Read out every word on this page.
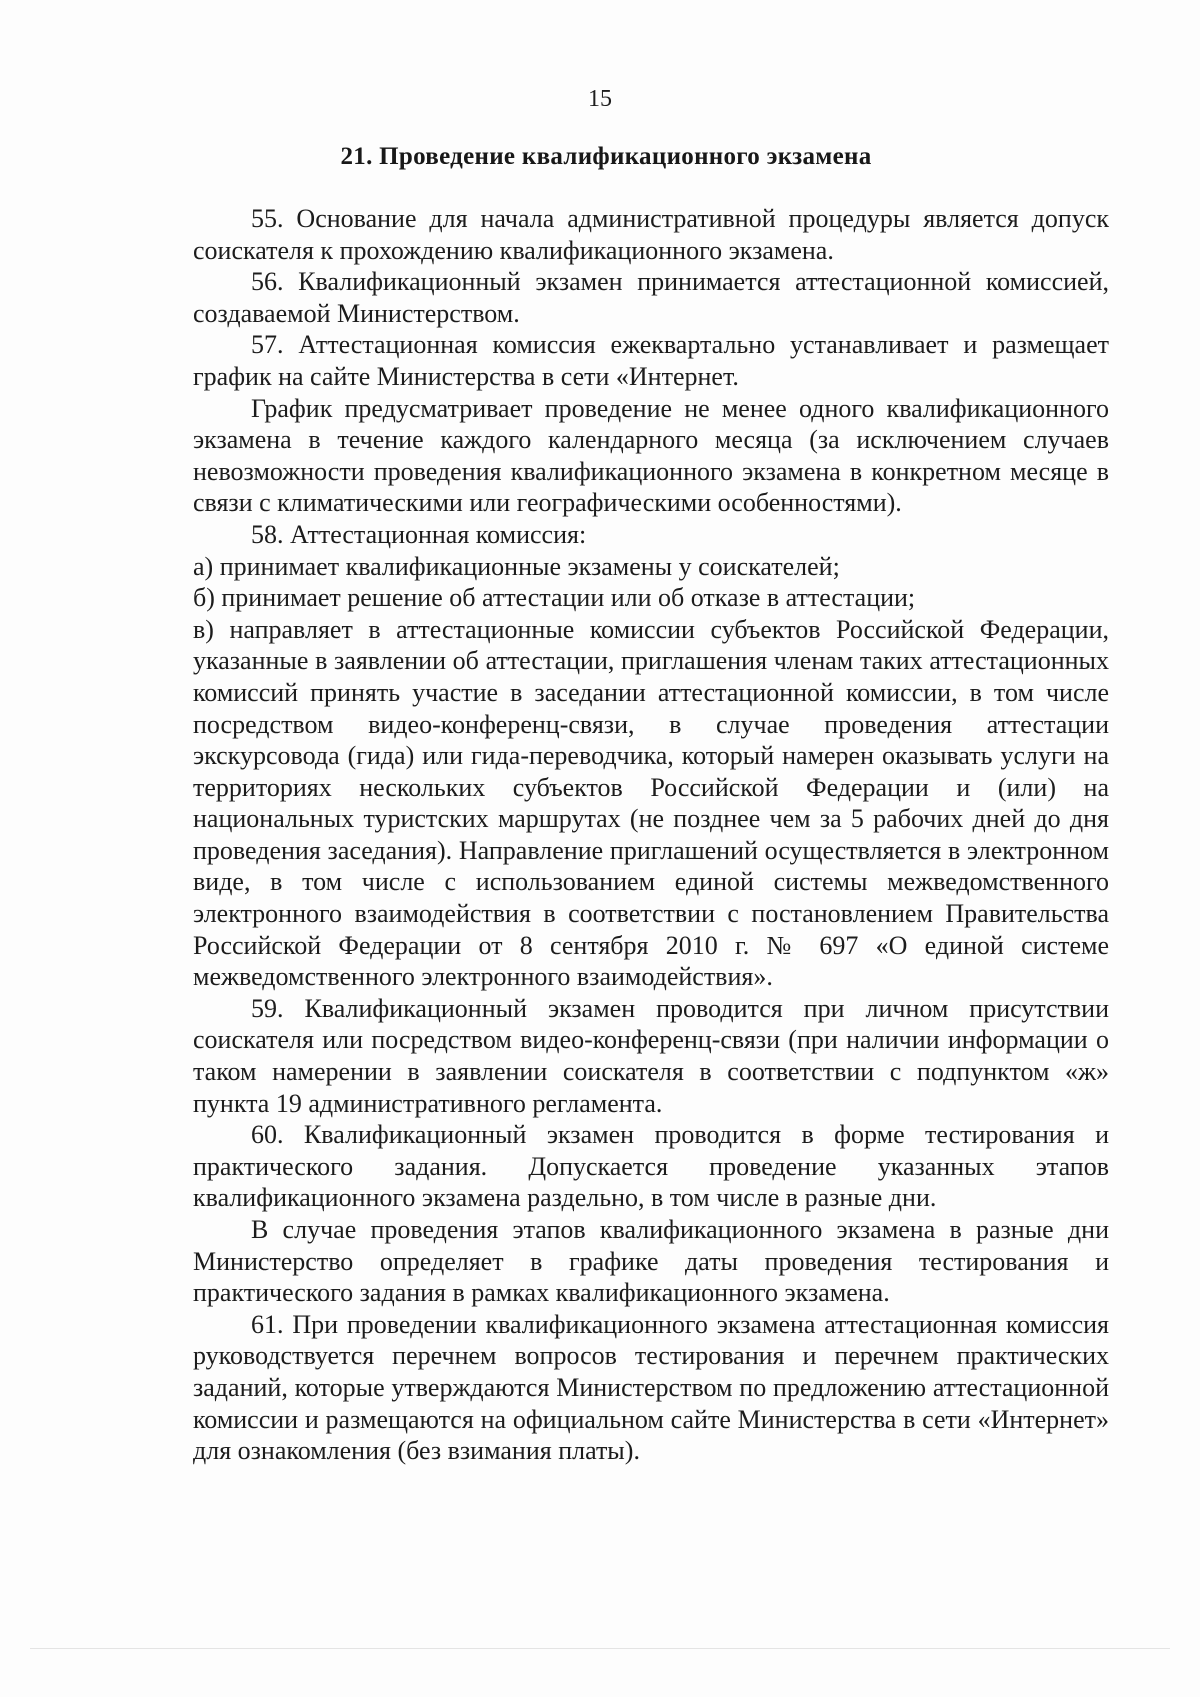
15
21. Проведение квалификационного экзамена

55. Основание для начала административной процедуры является допуск соискателя к прохождению квалификационного экзамена.

56. Квалификационный экзамен принимается аттестационной комиссией, создаваемой Министерством.

57. Аттестационная комиссия ежеквартально устанавливает и размещает график на сайте Министерства в сети «Интернет.

График предусматривает проведение не менее одного квалификационного экзамена в течение каждого календарного месяца (за исключением случаев невозможности проведения квалификационного экзамена в конкретном месяце в связи с климатическими или географическими особенностями).

58. Аттестационная комиссия:

а) принимает квалификационные экзамены у соискателей;

б) принимает решение об аттестации или об отказе в аттестации;

в) направляет в аттестационные комиссии субъектов Российской Федерации, указанные в заявлении об аттестации, приглашения членам таких аттестационных комиссий принять участие в заседании аттестационной комиссии, в том числе посредством видео-конференц-связи, в случае проведения аттестации экскурсовода (гида) или гида-переводчика, который намерен оказывать услуги на территориях нескольких субъектов Российской Федерации и (или) на национальных туристских маршрутах (не позднее чем за 5 рабочих дней до дня проведения заседания). Направление приглашений осуществляется в электронном виде, в том числе с использованием единой системы межведомственного электронного взаимодействия в соответствии с постановлением Правительства Российской Федерации от 8 сентября 2010 г. № 697 «О единой системе межведомственного электронного взаимодействия».

59. Квалификационный экзамен проводится при личном присутствии соискателя или посредством видео-конференц-связи (при наличии информации о таком намерении в заявлении соискателя в соответствии с подпунктом «ж» пункта 19 административного регламента.

60. Квалификационный экзамен проводится в форме тестирования и практического задания. Допускается проведение указанных этапов квалификационного экзамена раздельно, в том числе в разные дни.

В случае проведения этапов квалификационного экзамена в разные дни Министерство определяет в графике даты проведения тестирования и практического задания в рамках квалификационного экзамена.

61. При проведении квалификационного экзамена аттестационная комиссия руководствуется перечнем вопросов тестирования и перечнем практических заданий, которые утверждаются Министерством по предложению аттестационной комиссии и размещаются на официальном сайте Министерства в сети «Интернет» для ознакомления (без взимания платы).
